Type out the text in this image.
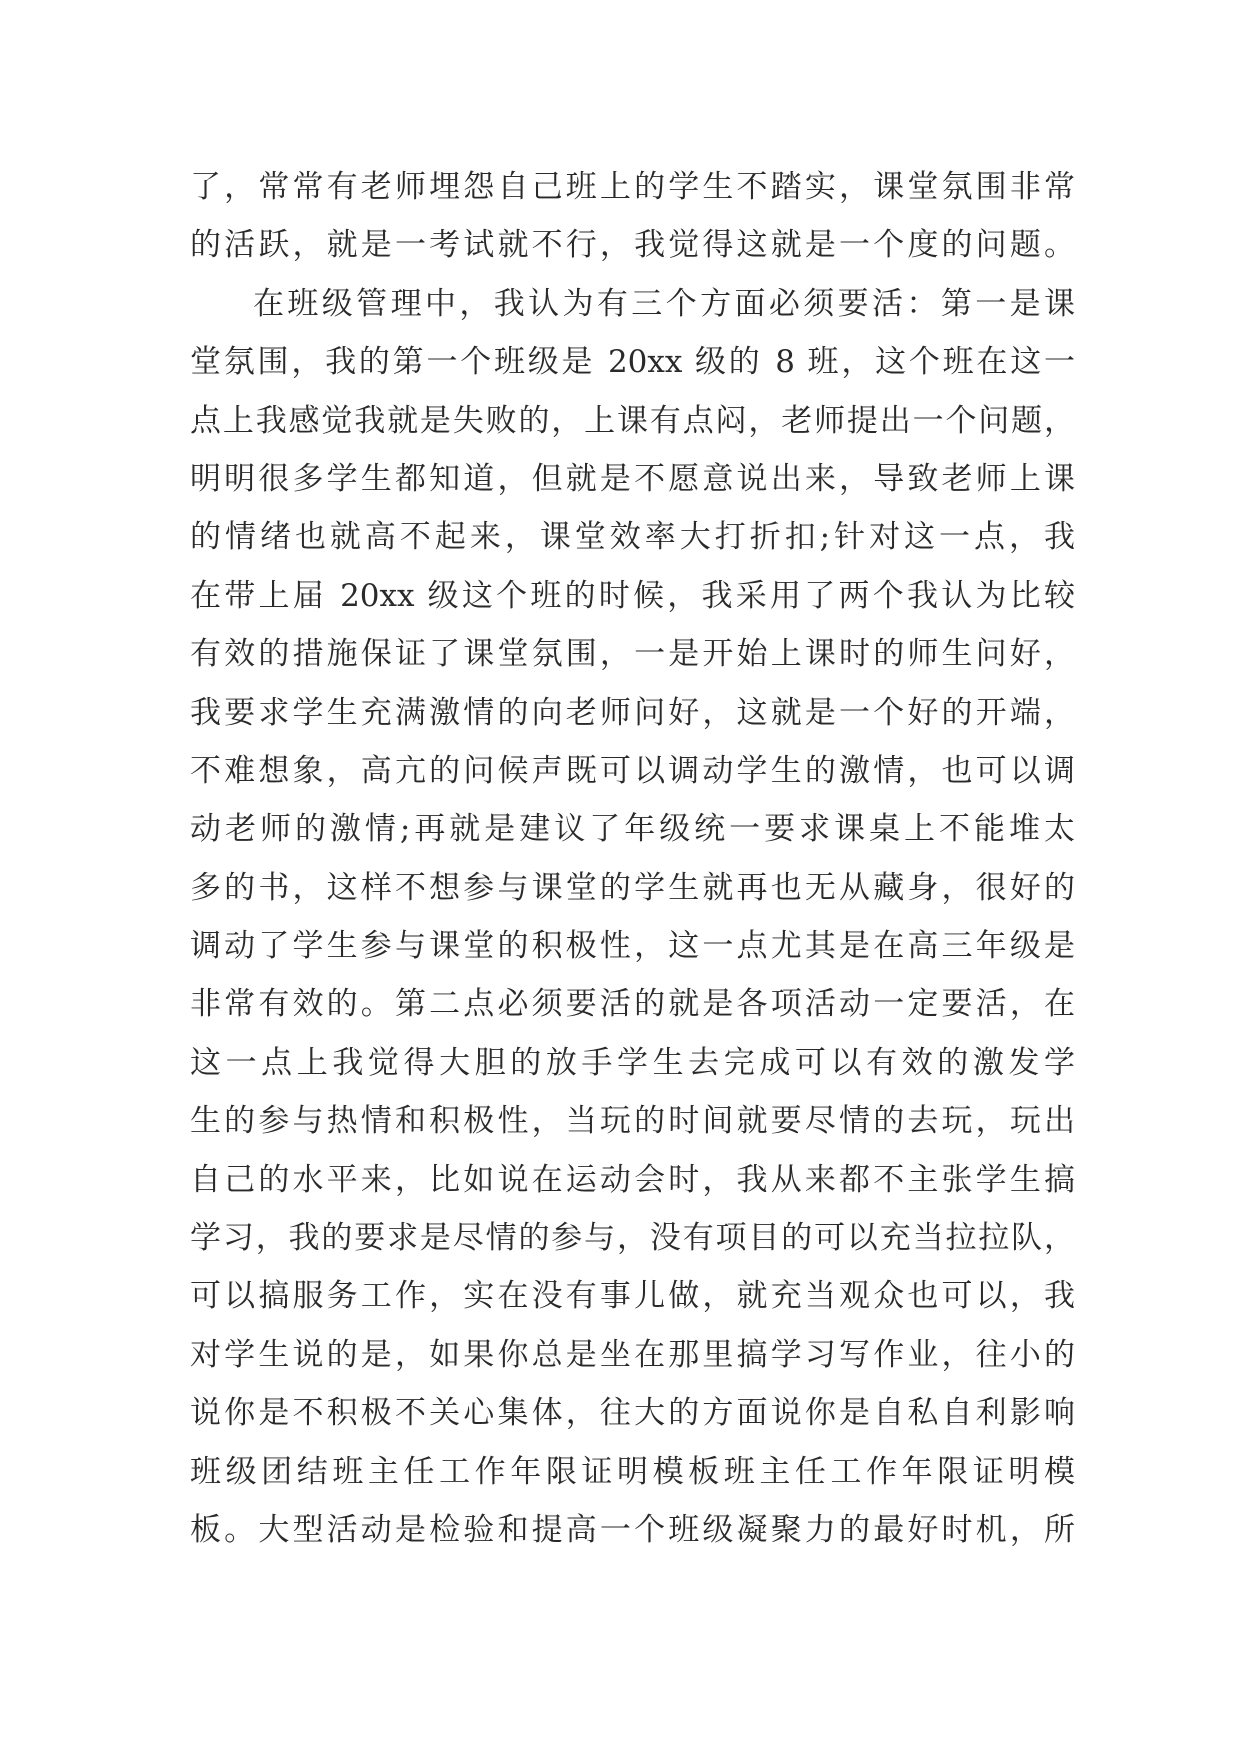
了，常常有老师埋怨自己班上的学生不踏实，课堂氛围非常
的活跃，就是一考试就不行，我觉得这就是一个度的问题。
在班级管理中，我认为有三个方面必须要活：第一是课
堂氛围，我的第一个班级是 20xx 级的 8 班，这个班在这一
点上我感觉我就是失败的，上课有点闷，老师提出一个问题，
明明很多学生都知道，但就是不愿意说出来，导致老师上课
的情绪也就高不起来，课堂效率大打折扣;针对这一点，我
在带上届 20xx 级这个班的时候，我采用了两个我认为比较
有效的措施保证了课堂氛围，一是开始上课时的师生问好，
我要求学生充满激情的向老师问好，这就是一个好的开端，
不难想象，高亢的问候声既可以调动学生的激情，也可以调
动老师的激情;再就是建议了年级统一要求课桌上不能堆太
多的书，这样不想参与课堂的学生就再也无从藏身，很好的
调动了学生参与课堂的积极性，这一点尤其是在高三年级是
非常有效的。第二点必须要活的就是各项活动一定要活，在
这一点上我觉得大胆的放手学生去完成可以有效的激发学
生的参与热情和积极性，当玩的时间就要尽情的去玩，玩出
自己的水平来，比如说在运动会时，我从来都不主张学生搞
学习，我的要求是尽情的参与，没有项目的可以充当拉拉队，
可以搞服务工作，实在没有事儿做，就充当观众也可以，我
对学生说的是，如果你总是坐在那里搞学习写作业，往小的
说你是不积极不关心集体，往大的方面说你是自私自利影响
班级团结班主任工作年限证明模板班主任工作年限证明模
板。大型活动是检验和提高一个班级凝聚力的最好时机，所
